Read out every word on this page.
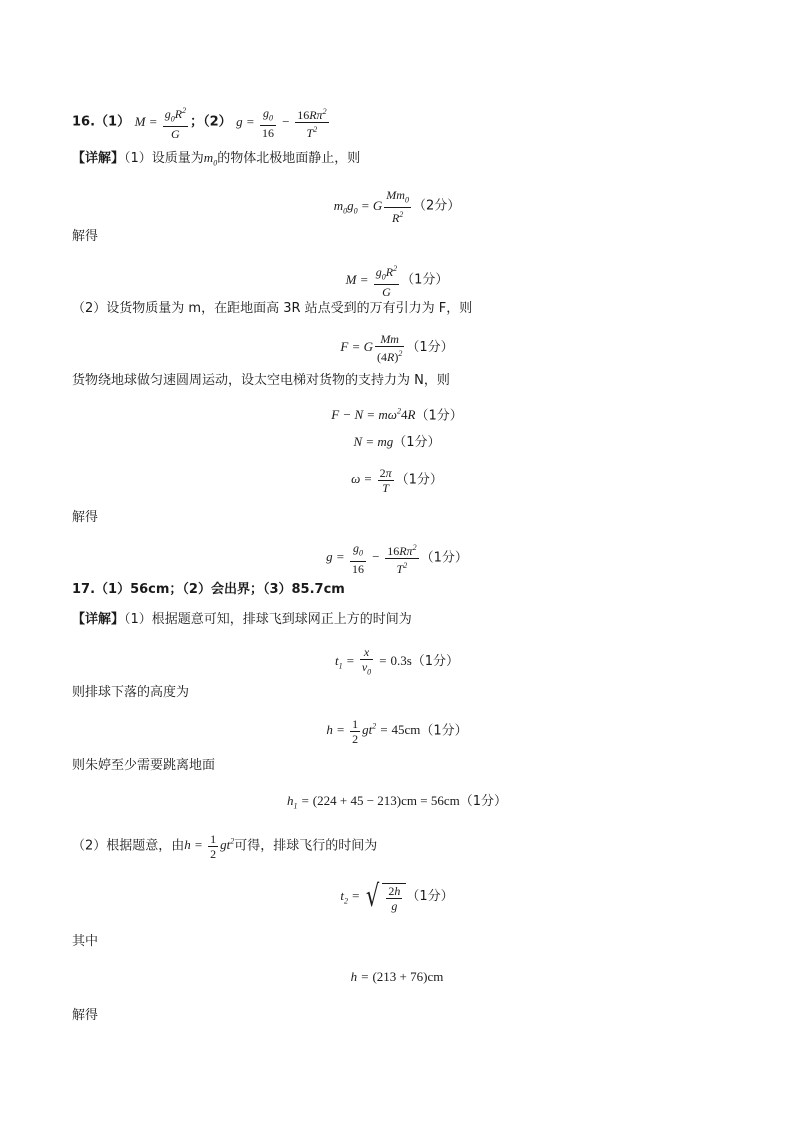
16.（1） $M = \frac{g_0R^2}{G}$ ；（2） $g = \frac{g_0}{16} - \frac{16R\pi^2}{T^2}$
【详解】（1）设质量为$m_0$的物体北极地面静止，则
$m_0g_0 = G \frac{Mm_0}{R^2} (2$分）
解得
$M = \frac{g_0R^2}{G} (1$分）
（2）设货物质量为 m，在距地面高 3R 站点受到的万有引力为 F，则
F = G $\frac{Mm}{(4R)^2} (1$分）
货物绕地球做匀速圆周运动，设太空电梯对货物的支持力为 N，则
$F - N = m\omega^24R(1$分）
N = mg（1分）
$\omega = \frac{2\pi}{T} (1$分）
解得
$g = \frac{g_0}{16} - \frac{16R\pi^2}{T^2} (1$分）
17.（1）56cm；（2）会出界；（3）85.7cm
【详解】（1）根据题意可知，排球飞到球网正上方的时间为
$t_1 = \frac{x}{v_0} = 0.3s(1$分）
则排球下落的高度为
$h = \frac{1}{2} gt^2 = 45cm(1$分）
则朱婷至少需要跳离地面
$h_1 = (224 + 45 - 213)cm = 56cm(1$分）
（2）根据题意，由$h = \frac{1}{2} gt^2$可得，排球飞行的时间为
$t_2$ = √ $\frac{2h}{g} (1$分）
其中
h = (213 + 76)cm
解得
